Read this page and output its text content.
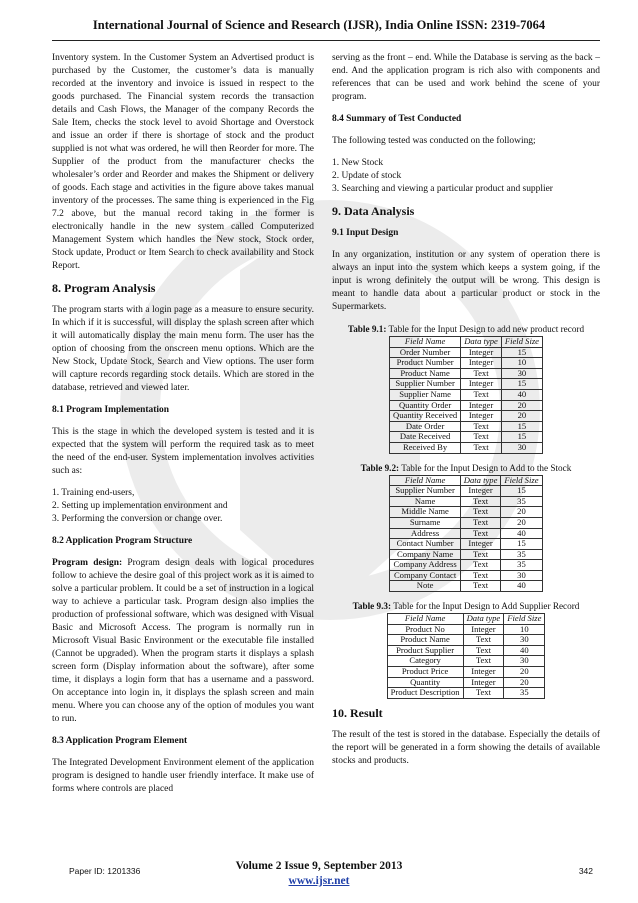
International Journal of Science and Research (IJSR), India Online ISSN: 2319-7064
Inventory system. In the Customer System an Advertised product is purchased by the Customer, the customer’s data is manually recorded at the inventory and invoice is issued in respect to the goods purchased. The Financial system records the transaction details and Cash Flows, the Manager of the company Records the Sale Item, checks the stock level to avoid Shortage and Overstock and issue an order if there is shortage of stock and the product supplied is not what was ordered, he will then Reorder for more. The Supplier of the product from the manufacturer checks the wholesaler’s order and Reorder and makes the Shipment or delivery of goods. Each stage and activities in the figure above takes manual inventory of the processes. The same thing is experienced in the Fig 7.2 above, but the manual record taking in the former is electronically handle in the new system called Computerized Management System which handles the New stock, Stock order, Stock update, Product or Item Search to check availability and Stock Report.
8. Program Analysis
The program starts with a login page as a measure to ensure security. In which if it is successful, will display the splash screen after which it will automatically display the main menu form. The user has the option of choosing from the onscreen menu options. Which are the New Stock, Update Stock, Search and View options. The user form will capture records regarding stock details. Which are stored in the database, retrieved and viewed later.
8.1 Program Implementation
This is the stage in which the developed system is tested and it is expected that the system will perform the required task as to meet the need of the end-user. System implementation involves activities such as:
1. Training end-users,
2. Setting up implementation environment and
3. Performing the conversion or change over.
8.2 Application Program Structure
Program design: Program design deals with logical procedures follow to achieve the desire goal of this project work as it is aimed to solve a particular problem. It could be a set of instruction in a logical way to achieve a particular task. Program design also implies the production of professional software, which was designed with Visual Basic and Microsoft Access. The program is normally run in Microsoft Visual Basic Environment or the executable file installed (Cannot be upgraded). When the program starts it displays a splash screen form (Display information about the software), after some time, it displays a login form that has a username and a password. On acceptance into login in, it displays the splash screen and main menu. Where you can choose any of the option of modules you want to run.
8.3 Application Program Element
The Integrated Development Environment element of the application program is designed to handle user friendly interface. It make use of forms where controls are placed
serving as the front – end. While the Database is serving as the back – end. And the application program is rich also with components and references that can be used and work behind the scene of your program.
8.4 Summary of Test Conducted
The following tested was conducted on the following;
1. New Stock
2. Update of stock
3. Searching and viewing a particular product and supplier
9. Data Analysis
9.1 Input Design
In any organization, institution or any system of operation there is always an input into the system which keeps a system going, if the input is wrong definitely the output will be wrong. This design is meant to handle data about a particular product or stock in the Supermarkets.
Table 9.1: Table for the Input Design to add new product record
Field Name	Data type	Field Size
Order Number	Integer	15
Product Number	Integer	10
Product Name	Text	30
Supplier Number	Integer	15
Supplier Name	Text	40
Quantity Order	Integer	20
Quantity Received	Integer	20
Date Order	Text	15
Date Received	Text	15
Received By	Text	30
Table 9.2: Table for the Input Design to Add to the Stock
Field Name	Data type	Field Size
Supplier Number	Integer	15
Name	Text	35
Middle Name	Text	20
Surname	Text	20
Address	Text	40
Contact Number	Integer	15
Company Name	Text	35
Company Address	Text	35
Company Contact	Text	30
Note	Text	40
Table 9.3: Table for the Input Design to Add Supplier Record
Field Name	Data type	Field Size
Product No	Integer	10
Product Name	Text	30
Product Supplier	Text	40
Category	Text	30
Product Price	Integer	20
Quantity	Integer	20
Product Description	Text	35
10. Result
The result of the test is stored in the database. Especially the details of the report will be generated in a form showing the details of available stocks and products.
Paper ID: 1201336	Volume 2 Issue 9, September 2013
www.ijsr.net
342
